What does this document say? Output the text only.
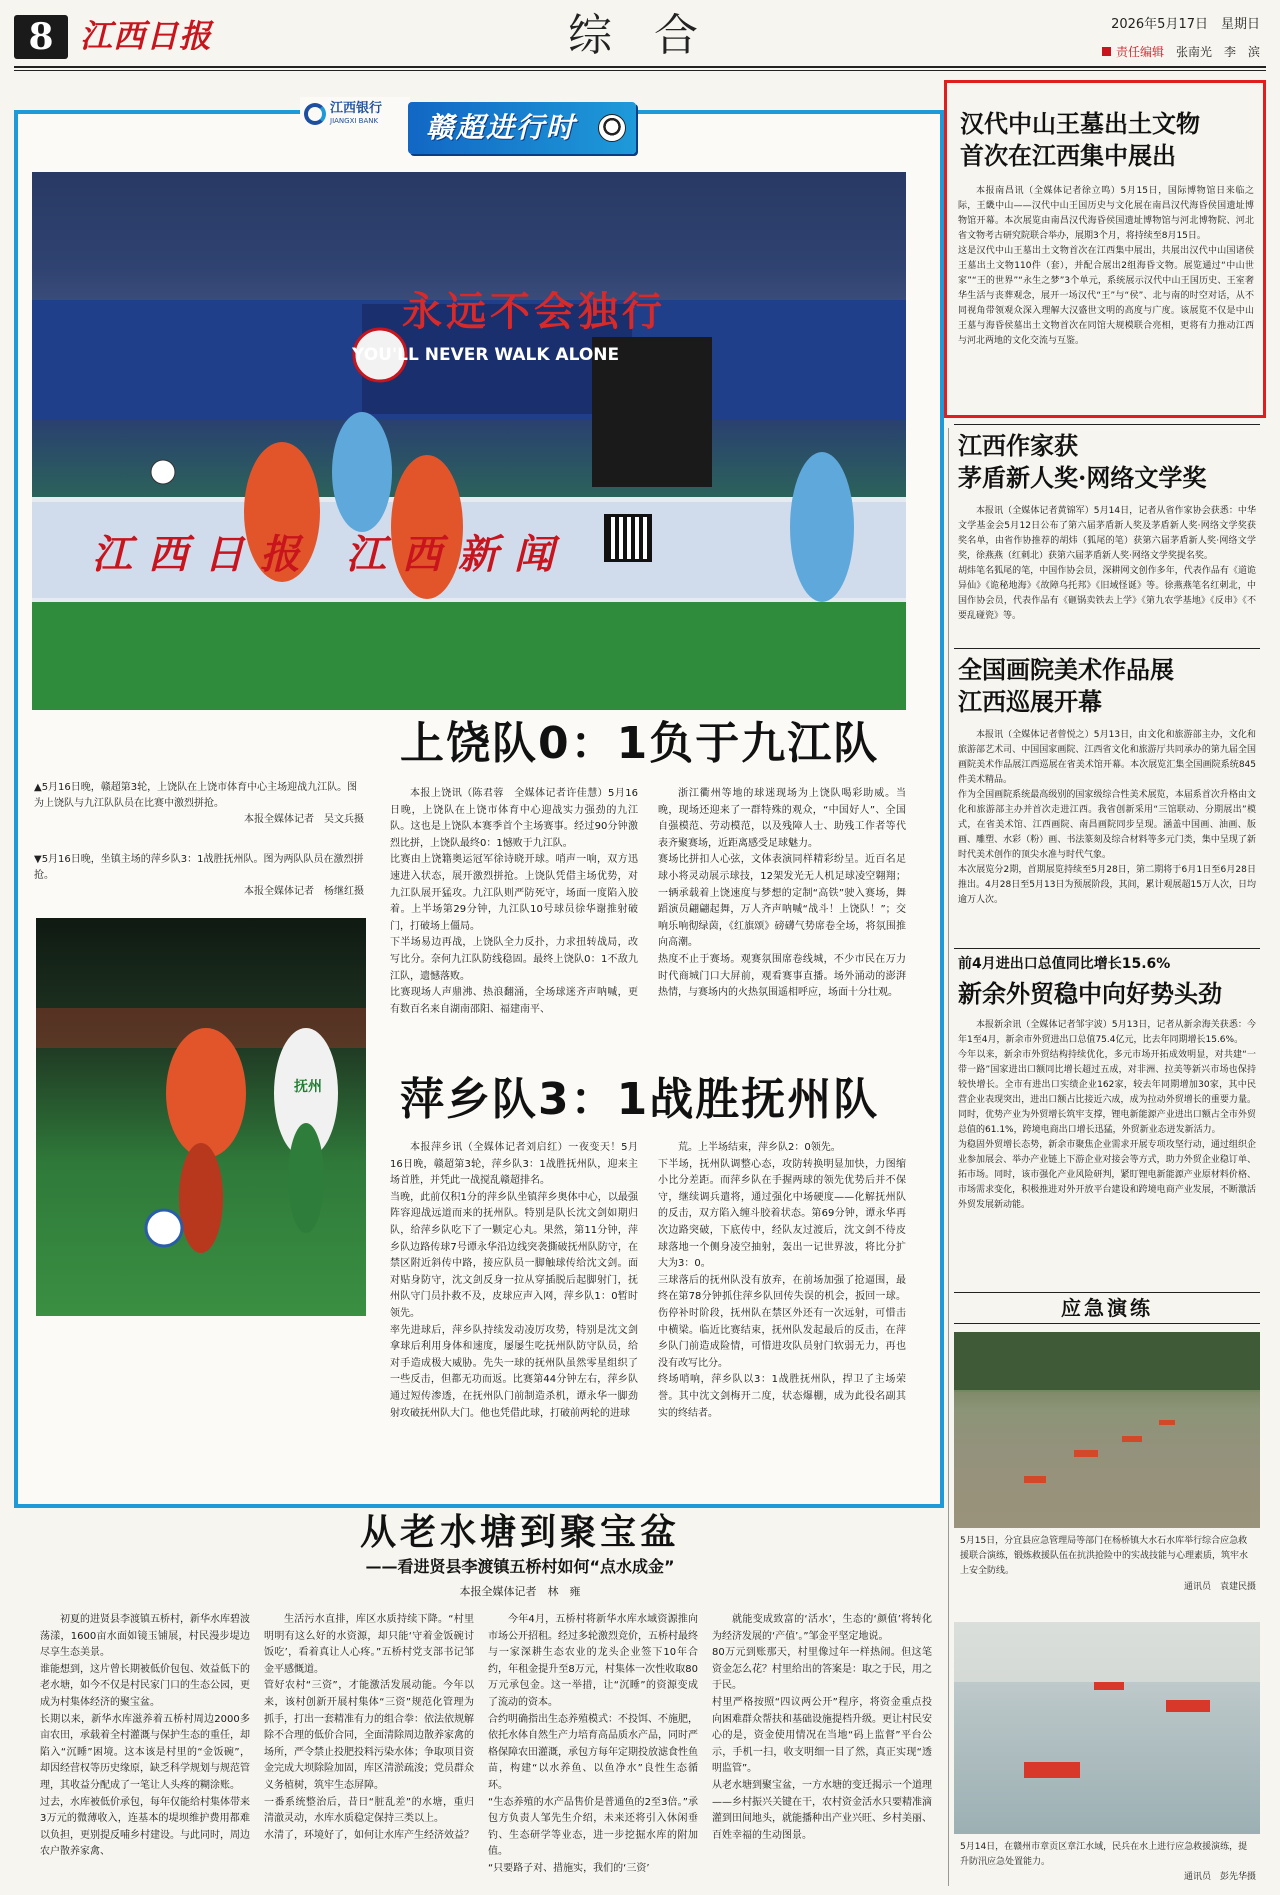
8 江西日报	综 合	2026年5月17日　星期日
责任编辑　 张南光　李　滨
江西银行
JIANGXI BANK 赣超进行时
永远不会独行
YOU'LL NEVER WALK ALONE
江西日报 江西新闻
上饶队0：1负于九江队
▲5月16日晚，赣超第3轮，上饶队在上饶市体育中心主场迎战九江队。图为上饶队与九江队队员在比赛中激烈拼抢。
本报全媒体记者　吴文兵摄
▼5月16日晚，坐镇主场的萍乡队3：1战胜抚州队。图为两队队员在激烈拼抢。
本报全媒体记者　杨继红摄
抚州
本报上饶讯（陈君蓉　全媒体记者许佳慧）5月16日晚，上饶队在上饶市体育中心迎战实力强劲的九江队。这也是上饶队本赛季首个主场赛事。经过90分钟激烈比拼，上饶队最终0：1憾败于九江队。
比赛由上饶籍奥运冠军徐诗晓开球。哨声一响，双方迅速进入状态，展开激烈拼抢。上饶队凭借主场优势，对九江队展开猛攻。九江队则严防死守，场面一度陷入胶着。上半场第29分钟，九江队10号球员徐华谢推射破门，打破场上僵局。
下半场易边再战，上饶队全力反扑，力求扭转战局，改写比分。奈何九江队防线稳固。最终上饶队0：1不敌九江队，遗憾落败。
比赛现场人声鼎沸、热浪翻涌，全场球迷齐声呐喊，更有数百名来自湖南邵阳、福建南平、
浙江衢州等地的球迷现场为上饶队喝彩助威。当晚，现场还迎来了一群特殊的观众，“中国好人”、全国自强模范、劳动模范，以及残障人士、助残工作者等代表齐聚赛场，近距离感受足球魅力。
赛场比拼扣人心弦，文体表演同样精彩纷呈。近百名足球小将灵动展示球技，12架发光无人机足球凌空翱翔；一辆承载着上饶速度与梦想的定制“高铁”驶入赛场，舞蹈演员翩翩起舞，万人齐声呐喊“战斗！上饶队！”；交响乐响彻绿茵，《红旗颂》磅礴气势席卷全场，将氛围推向高潮。
热度不止于赛场。观赛氛围席卷线城，不少市民在万力时代商城门口大屏前，观看赛事直播。场外涌动的澎湃热情，与赛场内的火热氛围遥相呼应，场面十分壮观。
萍乡队3：1战胜抚州队
本报萍乡讯（全媒体记者刘启红）一夜变天！5月16日晚，赣超第3轮，萍乡队3：1战胜抚州队，迎来主场首胜，并凭此一战搅乱赣超排名。
当晚，此前仅积1分的萍乡队坐镇萍乡奥体中心，以最强阵容迎战远道而来的抚州队。特别是队长沈文剑如期归队，给萍乡队吃下了一颗定心丸。果然，第11分钟，萍乡队边路传球7号谭永华沿边线突袭撕破抚州队防守，在禁区附近斜传中路，接应队员一脚触球传给沈文剑。面对贴身防守，沈文剑反身一拉从穿插脱后起脚射门，抚州队守门员扑救不及，皮球应声入网，萍乡队1：0暂时领先。
率先进球后，萍乡队持续发动凌厉攻势，特别是沈文剑拿球后利用身体和速度，屡屡生吃抚州队防守队员，给对手造成极大威胁。先失一球的抚州队虽然零星组织了一些反击，但都无功而返。比赛第44分钟左右，萍乡队通过短传渗透，在抚州队门前制造杀机，谭永华一脚劲射攻破抚州队大门。他也凭借此球，打破前两轮的进球
荒。上半场结束，萍乡队2：0领先。
下半场，抚州队调整心态，攻防转换明显加快，力图缩小比分差距。而萍乡队在手握两球的领先优势后并不保守，继续调兵遣将，通过强化中场硬度——化解抚州队的反击，双方陷入缠斗胶着状态。第69分钟，谭永华再次边路突破，下底传中，经队友过渡后，沈文剑不待皮球落地一个侧身凌空抽射，轰出一记世界波，将比分扩大为3：0。
三球落后的抚州队没有放弃，在前场加强了抢逼围，最终在第78分钟抓住萍乡队回传失误的机会，扳回一球。伤停补时阶段，抚州队在禁区外还有一次远射，可惜击中横梁。临近比赛结束，抚州队发起最后的反击，在萍乡队门前造成险情，可惜进攻队员射门软弱无力，再也没有改写比分。
终场哨响，萍乡队以3：1战胜抚州队，捍卫了主场荣誉。其中沈文剑梅开二度，状态爆棚，成为此役名副其实的终结者。
从老水塘到聚宝盆
——看进贤县李渡镇五桥村如何“点水成金”
本报全媒体记者　林　雍
初夏的进贤县李渡镇五桥村，新华水库碧波荡漾，1600亩水面如镜玉铺展，村民漫步堤边尽享生态美景。
谁能想到，这片曾长期被低价包包、效益低下的老水塘，如今不仅是村民家门口的生态公园，更成为村集体经济的聚宝盆。
长期以来，新华水库滋养着五桥村周边2000多亩农田，承载着全村灌溉与保护生态的重任，却陷入“沉睡”困境。这本该是村里的“金饭碗”，却因经营权等历史缘原，缺乏科学规划与规范管理，其收益分配成了一笔让人头疼的糊涂账。
过去，水库被低价承包，每年仅能给村集体带来3万元的微薄收入，连基本的堤坝维护费用都难以负担，更别提反哺乡村建设。与此同时，周边农户散养家禽、
生活污水直排，库区水质持续下降。“村里明明有这么好的水资源，却只能‘守着金饭碗讨饭吃’，看着真让人心疼。”五桥村党支部书记邹金平感慨道。
管好农村“三资”，才能激活发展动能。今年以来，该村创新开展村集体“三资”规范化管理为抓手，打出一套精准有力的组合拳：依法依规解除不合理的低价合同，全面清除周边散养家禽的场所，严令禁止投肥投料污染水体；争取项目资金完成大坝除险加固，库区清淤疏浚；党员群众义务植树，筑牢生态屏障。
一番系统整治后，昔日“脏乱差”的水塘，重归清澈灵动，水库水质稳定保持三类以上。
水清了，环境好了，如何让水库产生经济效益？
今年4月，五桥村将新华水库水域资源推向市场公开招租。经过多轮激烈竞价，五桥村最终与一家深耕生态农业的龙头企业签下10年合约，年租金提升至8万元，村集体一次性收取80万元承包金。这一举措，让“沉睡”的资源变成了流动的资本。
合约明确指出生态养殖模式：不投饵、不施肥，依托水体自然生产力培育高品质水产品，同时严格保障农田灌溉，承包方每年定期投放滤食性鱼苗，构建“以水养鱼、以鱼净水”良性生态循环。
“生态养殖的水产品售价是普通鱼的2至3倍。”承包方负责人邹先生介绍，未来还将引入休闲垂钓、生态研学等业态，进一步挖掘水库的附加值。
“只要路子对、措施实，我们的‘三资’
就能变成致富的‘活水’，生态的‘颜值’将转化为经济发展的‘产值’。”邹金平坚定地说。
80万元到账那天，村里像过年一样热闹。但这笔资金怎么花？村里给出的答案是：取之于民，用之于民。
村里严格按照“四议两公开”程序，将资金重点投向困难群众帮扶和基础设施提档升级。更让村民安心的是，资金使用情况在当地“码上监督”平台公示，手机一扫，收支明细一目了然，真正实现“透明监管”。
从老水塘到聚宝盆，一方水塘的变迁揭示一个道理——乡村振兴关键在干，农村资金活水只要精准滴灌到田间地头，就能播种出产业兴旺、乡村美丽、百姓幸福的生动图景。
汉代中山王墓出土文物
首次在江西集中展出
本报南昌讯（全媒体记者徐立鸣）5月15日，国际博物馆日来临之际，王畿中山——汉代中山王国历史与文化展在南昌汉代海昏侯国遗址博物馆开幕。本次展览由南昌汉代海昏侯国遗址博物馆与河北博物院、河北省文物考古研究院联合举办，展期3个月，将持续至8月15日。
这是汉代中山王墓出土文物首次在江西集中展出，共展出汉代中山国诸侯王墓出土文物110件（套），并配合展出2组海昏文物。展览通过“中山世家”“王的世界”“永生之梦”3个单元，系统展示汉代中山王国历史、王室奢华生活与丧葬观念，展开一场汉代“王”与“侯”、北与南的时空对话，从不同视角带领观众深入理解大汉盛世文明的高度与广度。该展览不仅是中山王墓与海昏侯墓出土文物首次在同馆大规模联合亮相，更将有力推动江西与河北两地的文化交流与互鉴。
江西作家获
茅盾新人奖·网络文学奖
本报讯（全媒体记者黄锦军）5月14日，记者从省作家协会获悉：中华文学基金会5月12日公布了第六届茅盾新人奖及茅盾新人奖·网络文学奖获奖名单，由省作协推荐的胡炜（狐尾的笔）获第六届茅盾新人奖·网络文学奖，徐燕燕（红刺北）获第六届茅盾新人奖·网络文学奖提名奖。
胡炜笔名狐尾的笔，中国作协会员，深耕网文创作多年，代表作品有《道诡异仙》《诡秘地海》《故障乌托邦》《旧域怪诞》等。徐燕燕笔名红刺北，中国作协会员，代表作品有《砸锅卖铁去上学》《第九农学基地》《反串》《不要乱碰瓷》等。
全国画院美术作品展
江西巡展开幕
本报讯（全媒体记者曾悦之）5月13日，由文化和旅游部主办，文化和旅游部艺术司、中国国家画院、江西省文化和旅游厅共同承办的第九届全国画院美术作品展江西巡展在省美术馆开幕。本次展览汇集全国画院系统845件美术精品。
作为全国画院系统最高级别的国家级综合性美术展览，本届系首次升格由文化和旅游部主办并首次走进江西。我省创新采用“三馆联动、分期展出”模式，在省美术馆、江西画院、南昌画院同步呈现。涵盖中国画、油画、版画、雕塑、水彩（粉）画、书法篆刻及综合材料等多元门类，集中呈现了新时代美术创作的顶尖水准与时代气象。
本次展览分2期，首期展览持续至5月28日，第二期将于6月1日至6月28日推出。4月28日至5月13日为预展阶段，其间，累计观展超15万人次，日均逾万人次。
前4月进出口总值同比增长15.6%
新余外贸稳中向好势头劲
本报新余讯（全媒体记者邹宇波）5月13日，记者从新余海关获悉：今年1至4月，新余市外贸进出口总值75.4亿元，比去年同期增长15.6%。
今年以来，新余市外贸结构持续优化，多元市场开拓成效明显，对共建“一带一路”国家进出口额同比增长超过五成，对非洲、拉美等新兴市场也保持较快增长。全市有进出口实绩企业162家，较去年同期增加30家，其中民营企业表现突出，进出口额占比接近六成，成为拉动外贸增长的重要力量。同时，优势产业为外贸增长筑牢支撑，锂电新能源产业进出口额占全市外贸总值的61.1%，跨境电商出口增长迅猛，外贸新业态迸发新活力。
为稳固外贸增长态势，新余市聚焦企业需求开展专项攻坚行动，通过组织企业参加展会、举办产业链上下游企业对接会等方式，助力外贸企业稳订单、拓市场。同时，该市强化产业风险研判，紧盯锂电新能源产业原材料价格、市场需求变化，积极推进对外开放平台建设和跨境电商产业发展，不断激活外贸发展新动能。
应急演练
5月15日，分宜县应急管理局等部门在杨桥镇大水石水库举行综合应急救援联合演练，锻炼救援队伍在抗洪抢险中的实战技能与心理素质，筑牢水上安全防线。
通讯员　袁建民摄
5月14日，在赣州市章贡区章江水域，民兵在水上进行应急救援演练，提升防汛应急处置能力。
通讯员　彭先华摄
